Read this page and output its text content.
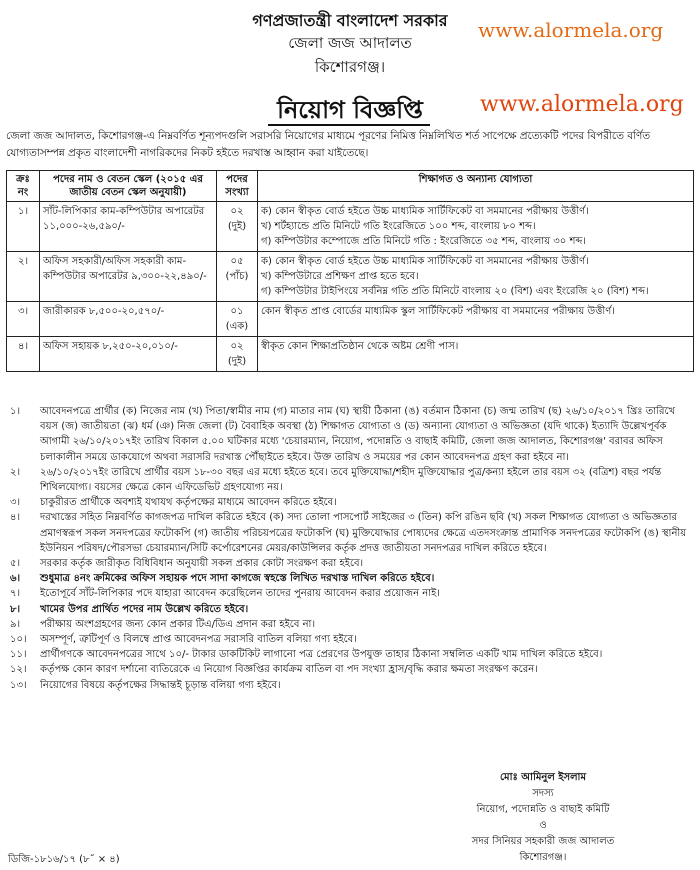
গণপ্রজাতন্ত্রী বাংলাদেশ সরকার
জেলা জজ আদালত
কিশোরগঞ্জ।
www.alormela.org
নিয়োগ বিজ্ঞপ্তি	www.alormela.org
জেলা জজ আদালত, কিশোরগঞ্জ-এ নিম্নবর্ণিত শূন্যপদগুলি সরাসরি নিয়োগের মাধ্যমে পূরণের নিমিত্ত নিম্নলিখিত শর্ত সাপেক্ষে প্রত্যেকটি পদের বিপরীতে বর্ণিত যোগ্যতাসম্পন্ন প্রকৃত বাংলাদেশী নাগরিকদের নিকট হইতে দরখাস্ত আহ্বান করা যাইতেছে।
ক্রঃ নং	পদের নাম ও বেতন স্কেল (২০১৫ এর জাতীয় বেতন স্কেল অনুযায়ী)	পদের সংখ্যা	শিক্ষাগত ও অন্যান্য যোগ্যতা
১।	সাঁট-লিপিকার কাম-কম্পিউটার অপারেটর ১১,০০০-২৬,৫৯০/-	০২ (দুই)	ক) কোন স্বীকৃত বোর্ড হইতে উচ্চ মাধ্যমিক সার্টিফিকেট বা সমমানের পরীক্ষায় উত্তীর্ণ।
খ) শর্টহ্যান্ডে প্রতি মিনিটে গতি ইংরেজিতে ১০০ শব্দ, বাংলায় ৮০ শব্দ।
গ) কম্পিউটার কম্পোজে প্রতি মিনিটে গতি : ইংরেজিতে ৩৫ শব্দ, বাংলায় ৩০ শব্দ।

২।	অফিস সহকারী/অফিস সহকারী কাম-কম্পিউটার অপারেটর ৯,৩০০-২২,৪৯০/-	০৫ (পাঁচ)	ক) কোন স্বীকৃত বোর্ড হইতে উচ্চ মাধ্যমিক সার্টিফিকেট বা সমমানের পরীক্ষায় উত্তীর্ণ।
খ) কম্পিউটারে প্রশিক্ষণ প্রাপ্ত হতে হবে।
গ) কম্পিউটার টাইপিংয়ে সর্বনিম্ন গতি প্রতি মিনিটে বাংলায় ২০ (বিশ) এবং ইংরেজি ২০ (বিশ) শব্দ।

৩।	জারীকারক ৮,৫০০-২০,৫৭০/-	০১ (এক)	কোন স্বীকৃত প্রাপ্ত বোর্ডের মাধ্যমিক স্কুল সার্টিফিকেট পরীক্ষায় বা সমমানের পরীক্ষায় উত্তীর্ণ।

৪।	অফিস সহায়ক ৮,২৫০-২০,০১০/-	০২ (দুই)	স্বীকৃত কোন শিক্ষাপ্রতিষ্ঠান থেকে অষ্টম শ্রেণী পাস।

১। আবেদনপত্রে প্রার্থীর (ক) নিজের নাম (খ) পিতা/স্বামীর নাম (গ) মাতার নাম (ঘ) স্থায়ী ঠিকানা (ঙ) বর্তমান ঠিকানা (চ) জন্ম তারিখ (ছ) ২৬/১০/২০১৭ খ্রিঃ তারিখে বয়স (জ) জাতীয়তা (ঝ) ধর্ম (ঞ) নিজ জেলা (ট) বৈবাহিক অবস্থা (ঠ) শিক্ষাগত যোগ্যতা ও (ড) অন্যান্য যোগ্যতা ও অভিজ্ঞতা (যদি থাকে) ইত্যাদি উল্লেখপূর্বক আগামী ২৬/১০/২০১৭ইং তারিখ বিকাল ৫.০০ ঘটিকার মধ্যে 'চেয়ারম্যান, নিয়োগ, পদোন্নতি ও বাছাই কমিটি, জেলা জজ আদালত, কিশোরগঞ্জ' বরাবর অফিস চলাকালীন সময়ে ডাকযোগে অথবা সরাসরি দরখাস্ত পৌঁছাইতে হইবে। উক্ত তারিখ ও সময়ের পর কোন আবেদনপত্র গ্রহণ করা হইবে না।

২। ২৬/১০/২০১৭ইং তারিখে প্রার্থীর বয়স ১৮-৩০ বছর এর মধ্যে হইতে হবে। তবে মুক্তিযোদ্ধা/শহীদ মুক্তিযোদ্ধার পুত্র/কন্যা হইলে তার বয়স ৩২ (বত্রিশ) বছর পর্যন্ত শিথিলযোগ্য। বয়সের ক্ষেত্রে কোন এফিডেভিট গ্রহণযোগ্য নয়।

৩। চাকুরীরত প্রার্থীকে অবশ্যই যথাযথ কর্তৃপক্ষের মাধ্যমে আবেদন করিতে হইবে।

৪। দরখাস্তের সহিত নিম্নবর্ণিত কাগজপত্র দাখিল করিতে হইবে (ক) সদ্য তোলা পাসপোর্ট সাইজের ৩ (তিন) কপি রঙিন ছবি (খ) সকল শিক্ষাগত যোগ্যতা ও অভিজ্ঞতার প্রমাণস্বরূপ সকল সনদপত্রের ফটোকপি (গ) জাতীয় পরিচয়পত্রের ফটোকপি (ঘ) মুক্তিযোদ্ধার পোষ্যদের ক্ষেত্রে এতদসংক্রান্ত প্রামাণিক সনদপত্রের ফটোকপি (ঙ) স্থানীয় ইউনিয়ন পরিষদ/পৌরসভা চেয়ারম্যান/সিটি কর্পোরেশনের মেয়র/কাউন্সিলর কর্তৃক প্রদত্ত জাতীয়তা সনদপত্রর দাখিল করিতে হইবে।

৫। সরকার কর্তৃক জারীকৃত বিধিবিধান অনুযায়ী সকল প্রকার কোটা সংরক্ষণ করা হইবে।

৬। শুধুমাত্র ৪নং ক্রমিকের অফিস সহায়ক পদে সাদা কাগজে স্বহস্তে লিখিত দরখাস্ত দাখিল করিতে হইবে।

৭। ইতোপূর্বে সাঁট-লিপিকার পদে যাহারা আবেদন করেছিলেন তাদের পুনরায় আবেদন করার প্রয়োজন নাই।

৮। খামের উপর প্রার্থিত পদের নাম উল্লেখ করিতে হইবে।

৯। পরীক্ষায় অংশগ্রহণের জন্য কোন প্রকার টিএ/ডিএ প্রদান করা হইবে না।

১০। অসম্পূর্ণ, ত্রুটিপূর্ণ ও বিলম্বে প্রাপ্ত আবেদনপত্র সরাসরি বাতিল বলিয়া গণ্য হইবে।

১১। প্রার্থীগণকে আবেদনপত্রের সাথে ১০/- টাকার ডাকটিকিট লাগানো পত্র প্রেরণের উপযুক্ত তাহার ঠিকানা সম্বলিত একটি খাম দাখিল করিতে হইবে।

১২। কর্তৃপক্ষ কোন কারণ দর্শানো ব্যতিরেকে এ নিয়োগ বিজ্ঞপ্তির কার্যক্রম বাতিল বা পদ সংখ্যা হ্রাস/বৃদ্ধি করার ক্ষমতা সংরক্ষণ করেন।

১৩। নিয়োগের বিষয়ে কর্তৃপক্ষের সিদ্ধান্তই চূড়ান্ত বলিয়া গণ্য হইবে।

মোঃ আমিনুল ইসলাম
সদস্য
নিয়োগ, পদোন্নতি ও বাছাই কমিটি
ও
সদর সিনিয়র সহকারী জজ আদালত
কিশোরগঞ্জ।
ডিজি-১৮১৬/১৭ (৮˝ × ৪)
